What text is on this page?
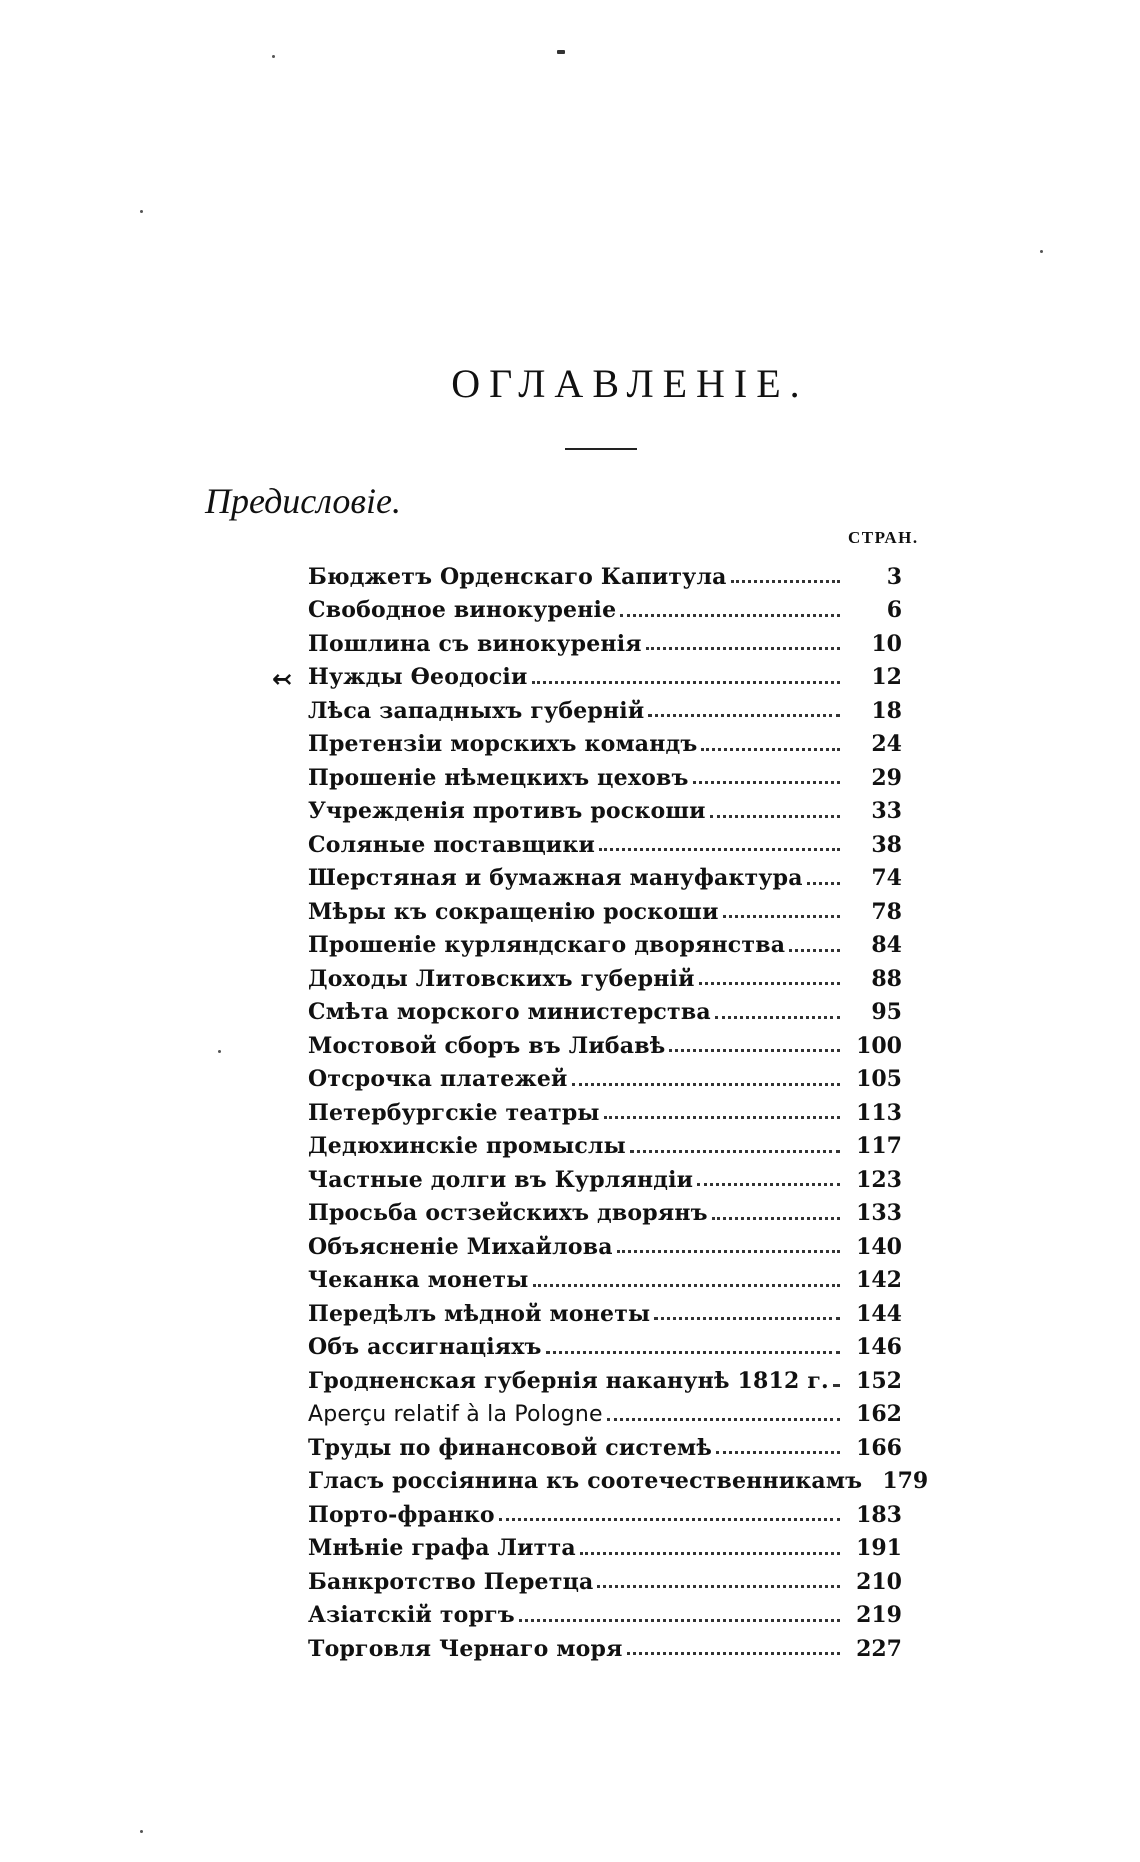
ОГЛАВЛЕНІЕ.
Предисловіе.
СТРАН.
Бюджетъ Орденскаго Капитула	3
Свободное винокуреніе	6
Пошлина съ винокуренія	10
↢ Нужды Ѳеодосіи	12
Лѣса западныхъ губерній	18
Претензіи морскихъ командъ	24
Прошеніе нѣмецкихъ цеховъ	29
Учрежденія противъ роскоши	33
Соляные поставщики	38
Шерстяная и бумажная мануфактура	74
Мѣры къ сокращенію роскоши	78
Прошеніе курляндскаго дворянства	84
Доходы Литовскихъ губерній	88
Смѣта морского министерства	95
Мостовой сборъ въ Либавѣ	100
Отсрочка платежей	105
Петербургскіе театры	113
Дедюхинскіе промыслы	117
Частные долги въ Курляндіи	123
Просьба остзейскихъ дворянъ	133
Объясненіе Михайлова	140
Чеканка монеты	142
Передѣлъ мѣдной монеты	144
Объ ассигнаціяхъ	146
Гродненская губернія наканунѣ 1812 г.	152
Aperçu relatif à la Pologne	162
Труды по финансовой системѣ	166
Гласъ россіянина къ соотечественникамъ 179
Порто-франко	183
Мнѣніе графа Литта	191
Банкротство Перетца	210
Азіатскій торгъ	219
Торговля Чернаго моря	227
